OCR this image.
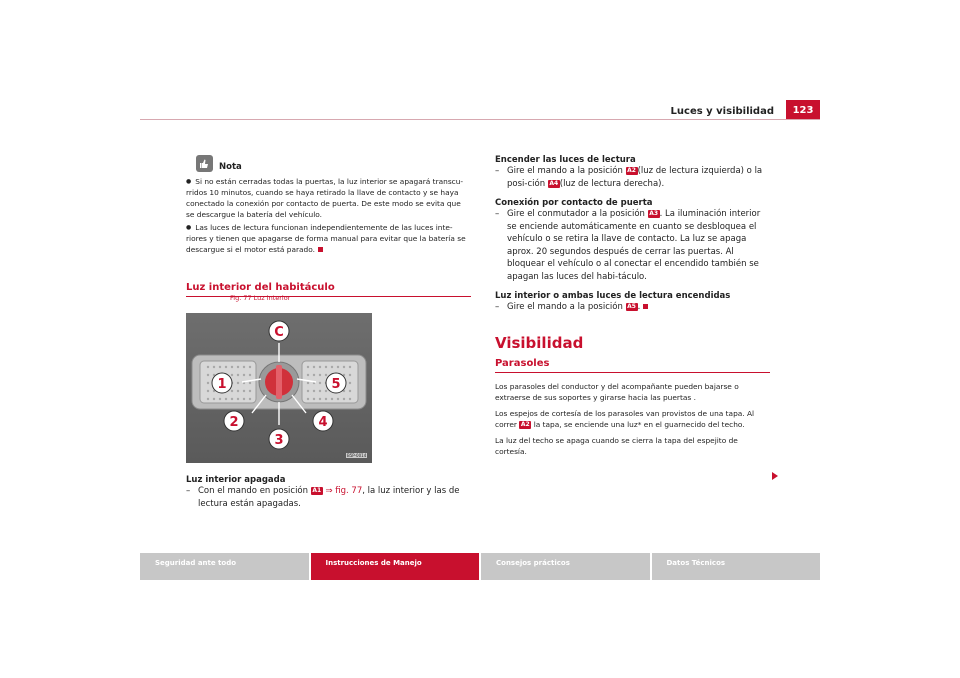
Luces y visibilidad	123
Nota

● Si no están cerradas todas la puertas, la luz interior se apagará transcu-rridos 10 minutos, cuando se haya retirado la llave de contacto y se haya conectado la conexión por contacto de puerta. De este modo se evita que se descargue la batería del vehículo.

● Las luces de lectura funcionan independientemente de las luces inte-riores y tienen que apagarse de forma manual para evitar que la batería se descargue si el motor está parado.

Luz interior del habitáculo
C
1	5
2	4
3
B5P-0014

Luz interior apagada

– Con el mando en posición A1 ⇒ fig. 77, la luz interior y las de lectura están apagadas.
Fig. 77 Luz interior

Encender las luces de lectura

– Gire el mando a la posición A2 (luz de lectura izquierda) o la posi-ción A4 (luz de lectura derecha).

Conexión por contacto de puerta

– Gire el conmutador a la posición A3 . La iluminación interior se enciende automáticamente en cuanto se desbloquea el vehículo o se retira la llave de contacto. La luz se apaga aprox. 20 segundos después de cerrar las puertas. Al bloquear el vehículo o al conectar el encendido también se apagan las luces del habi-táculo.

Luz interior o ambas luces de lectura encendidas

– Gire el mando a la posición A5 .
Visibilidad
Parasoles

Los parasoles del conductor y del acompañante pueden bajarse o extraerse de sus soportes y girarse hacia las puertas .

Los espejos de cortesía de los parasoles van provistos de una tapa. Al correr A2 la tapa, se enciende una luz* en el guarnecido del techo.

La luz del techo se apaga cuando se cierra la tapa del espejito de cortesía.

Seguridad ante todo	Instrucciones de Manejo	Consejos prácticos	Datos Técnicos
